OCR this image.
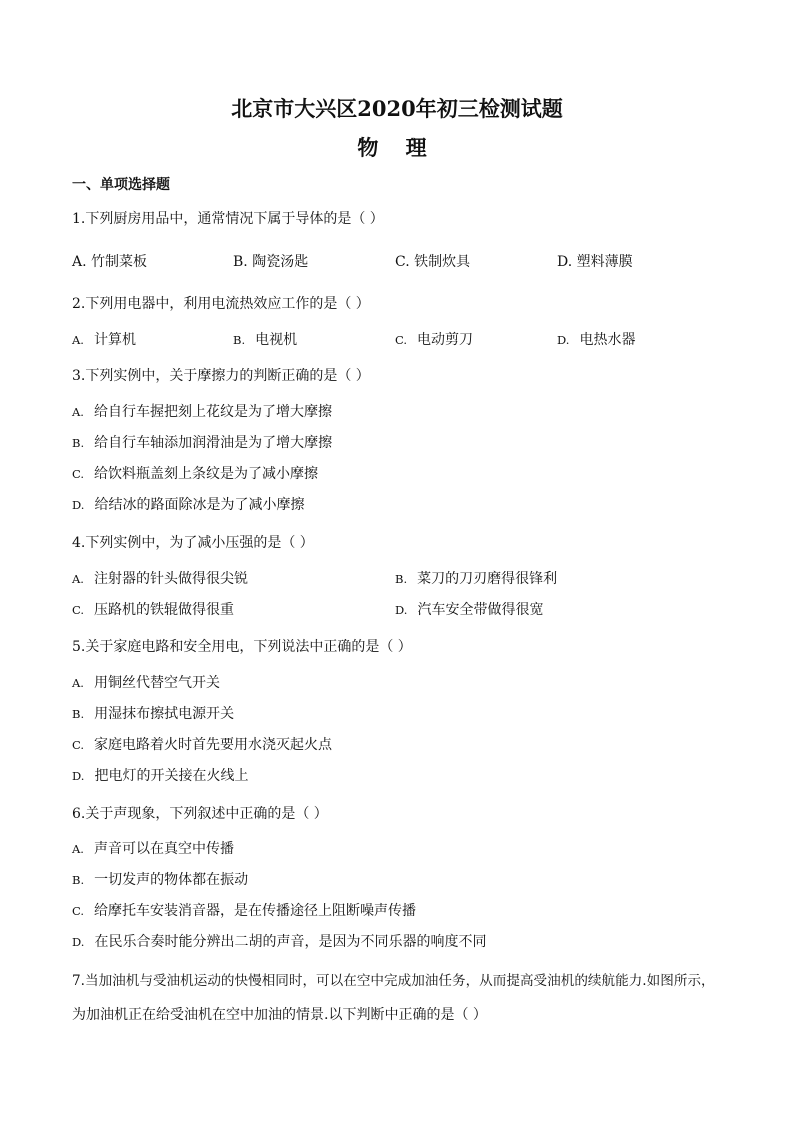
北京市大兴区2020年初三检测试题
物 理
一、单项选择题
1.下列厨房用品中，通常情况下属于导体的是（ ）
A. 竹制菜板	B. 陶瓷汤匙	C. 铁制炊具	D. 塑料薄膜
2.下列用电器中，利用电流热效应工作的是（ ）
A. 计算机	B. 电视机	C. 电动剪刀	D. 电热水器
3.下列实例中，关于摩擦力的判断正确的是（ ）
A. 给自行车握把刻上花纹是为了增大摩擦
B. 给自行车轴添加润滑油是为了增大摩擦
C. 给饮料瓶盖刻上条纹是为了减小摩擦
D. 给结冰的路面除冰是为了减小摩擦
4.下列实例中，为了减小压强的是（ ）
A. 注射器的针头做得很尖锐	B. 菜刀的刀刃磨得很锋利
C. 压路机的铁辊做得很重	D. 汽车安全带做得很宽
5.关于家庭电路和安全用电，下列说法中正确的是（ ）
A. 用铜丝代替空气开关
B. 用湿抹布擦拭电源开关
C. 家庭电路着火时首先要用水浇灭起火点
D. 把电灯的开关接在火线上
6.关于声现象，下列叙述中正确的是（ ）
A. 声音可以在真空中传播
B. 一切发声的物体都在振动
C. 给摩托车安装消音器，是在传播途径上阻断噪声传播
D. 在民乐合奏时能分辨出二胡的声音，是因为不同乐器的响度不同
7.当加油机与受油机运动的快慢相同时，可以在空中完成加油任务，从而提高受油机的续航能力.如图所示，
为加油机正在给受油机在空中加油的情景.以下判断中正确的是（ ）
